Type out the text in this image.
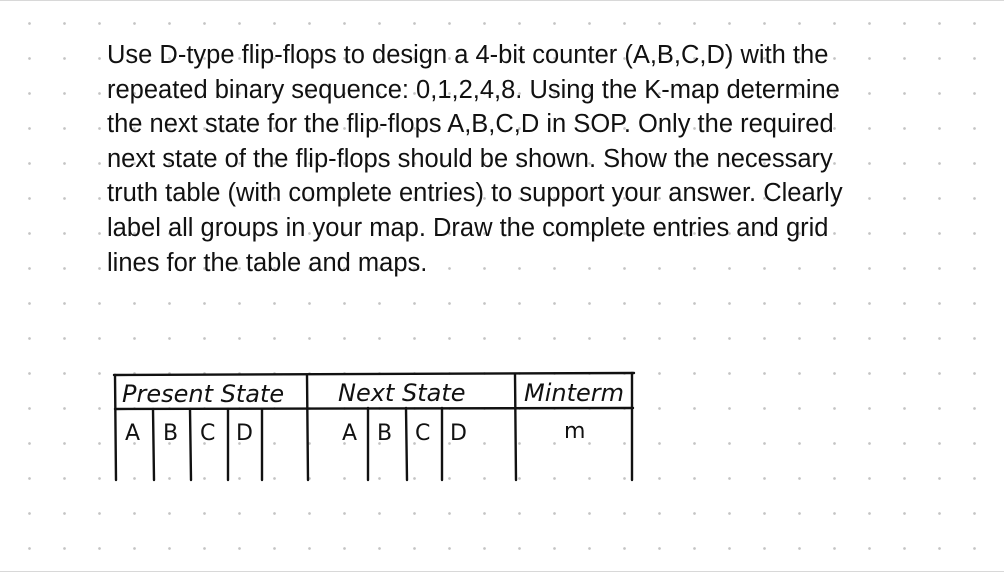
Use D-type flip-flops to design a 4-bit counter (A,B,C,D) with the
repeated binary sequence: 0,1,2,4,8. Using the K-map determine
the next state for the flip-flops A,B,C,D in SOP. Only the required
next state of the flip-flops should be shown. Show the necessary
truth table (with complete entries) to support your answer. Clearly
label all groups in your map. Draw the complete entries and grid
lines for the table and maps.
Present State Next State Minterm
A B C D	A B C D	m
